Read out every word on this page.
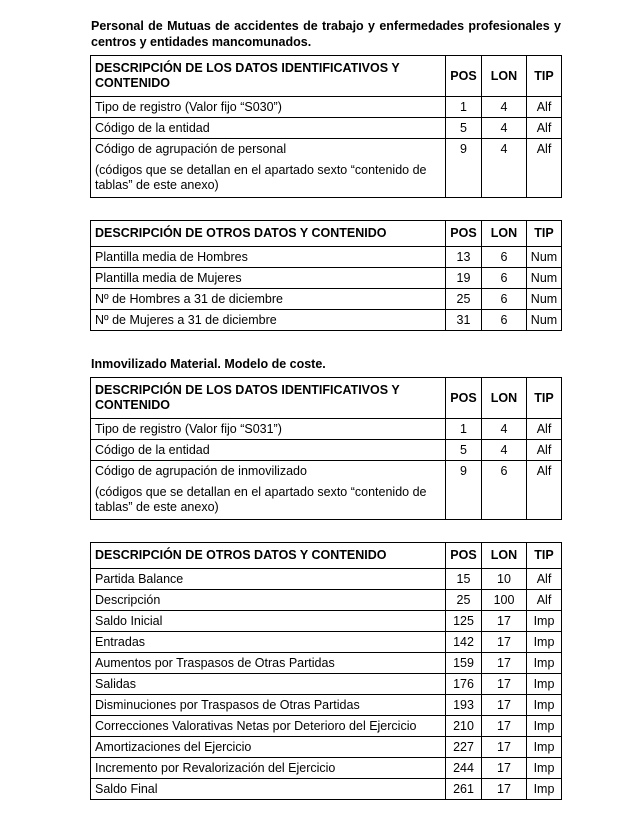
Personal de Mutuas de accidentes de trabajo y enfermedades profesionales y centros y entidades mancomunados.
DESCRIPCIÓN DE LOS DATOS IDENTIFICATIVOS Y CONTENIDO	POS	LON	TIP
Tipo de registro (Valor fijo “S030”)	1	4	Alf
Código de la entidad	5	4	Alf
Código de agrupación de personal
(códigos que se detallan en el apartado sexto “contenido de tablas” de este anexo)	9	4	Alf
DESCRIPCIÓN DE OTROS DATOS Y CONTENIDO	POS	LON	TIP
Plantilla media de Hombres	13	6	Num
Plantilla media de Mujeres	19	6	Num
Nº de Hombres a 31 de diciembre	25	6	Num
Nº de Mujeres a 31 de diciembre	31	6	Num
Inmovilizado Material. Modelo de coste.
DESCRIPCIÓN DE LOS DATOS IDENTIFICATIVOS Y CONTENIDO	POS	LON	TIP
Tipo de registro (Valor fijo “S031”)	1	4	Alf
Código de la entidad	5	4	Alf
Código de agrupación de inmovilizado
(códigos que se detallan en el apartado sexto “contenido de tablas” de este anexo)	9	6	Alf
DESCRIPCIÓN DE OTROS DATOS Y CONTENIDO	POS	LON	TIP
Partida Balance	15	10	Alf
Descripción	25	100	Alf
Saldo Inicial	125	17	Imp
Entradas	142	17	Imp
Aumentos por Traspasos de Otras Partidas	159	17	Imp
Salidas	176	17	Imp
Disminuciones por Traspasos de Otras Partidas	193	17	Imp
Correcciones Valorativas Netas por Deterioro del Ejercicio	210	17	Imp
Amortizaciones del Ejercicio	227	17	Imp
Incremento por Revalorización del Ejercicio	244	17	Imp
Saldo Final	261	17	Imp
